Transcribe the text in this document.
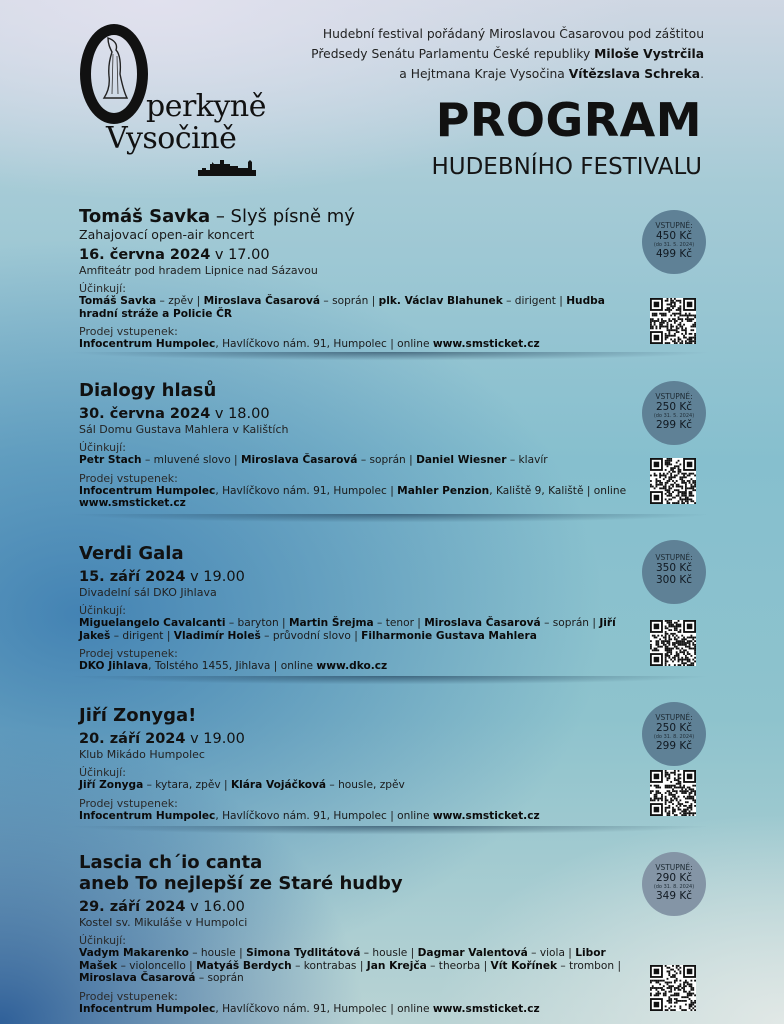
perkyně
Vysočině
Hudební festival pořádaný Miroslavou Časarovou pod záštitou
Předsedy Senátu Parlamentu České republiky Miloše Vystrčila
a Hejtmana Kraje Vysočina Vítězslava Schreka.
PROGRAM
HUDEBNÍHO FESTIVALU
Tomáš Savka – Slyš písně mý
Zahajovací open-air koncert
16. června 2024 v 17.00
Amfiteátr pod hradem Lipnice nad Sázavou
Účinkují:
Tomáš Savka – zpěv | Miroslava Časarová – soprán | plk. Václav Blahunek – dirigent | Hudba hradní stráže a Policie ČR
Prodej vstupenek:
Infocentrum Humpolec, Havlíčkovo nám. 91, Humpolec | online www.smsticket.cz
VSTUPNÉ:
450 Kč
(do 31. 5. 2024)
499 Kč
Dialogy hlasů
30. června 2024 v 18.00
Sál Domu Gustava Mahlera v Kalištích
Účinkují:
Petr Stach – mluvené slovo | Miroslava Časarová – soprán | Daniel Wiesner – klavír
Prodej vstupenek:
Infocentrum Humpolec, Havlíčkovo nám. 91, Humpolec | Mahler Penzion, Kaliště 9, Kaliště | online www.smsticket.cz
VSTUPNÉ:
250 Kč
(do 31. 5. 2024)
299 Kč
Verdi Gala
15. září 2024 v 19.00
Divadelní sál DKO Jihlava
Účinkují:
Miguelangelo Cavalcanti – baryton | Martin Šrejma – tenor | Miroslava Časarová – soprán | Jiří Jakeš – dirigent | Vladimír Holeš – průvodní slovo | Filharmonie Gustava Mahlera
Prodej vstupenek:
DKO Jihlava, Tolstého 1455, Jihlava | online www.dko.cz
VSTUPNÉ:
350 Kč
300 Kč
Jiří Zonyga!
20. září 2024 v 19.00
Klub Mikádo Humpolec
Účinkují:
Jiří Zonyga – kytara, zpěv | Klára Vojáčková – housle, zpěv
Prodej vstupenek:
Infocentrum Humpolec, Havlíčkovo nám. 91, Humpolec | online www.smsticket.cz
VSTUPNÉ:
250 Kč
(do 31. 8. 2024)
299 Kč
Lascia ch´io canta
aneb To nejlepší ze Staré hudby
29. září 2024 v 16.00
Kostel sv. Mikuláše v Humpolci
Účinkují:
Vadym Makarenko – housle | Simona Tydlitátová – housle | Dagmar Valentová – viola | Libor Mašek – violoncello | Matyáš Berdych – kontrabas | Jan Krejča – theorba | Vít Kořínek – trombon | Miroslava Časarová – soprán
Prodej vstupenek:
Infocentrum Humpolec, Havlíčkovo nám. 91, Humpolec | online www.smsticket.cz
VSTUPNÉ:
290 Kč
(do 31. 8. 2024)
349 Kč
